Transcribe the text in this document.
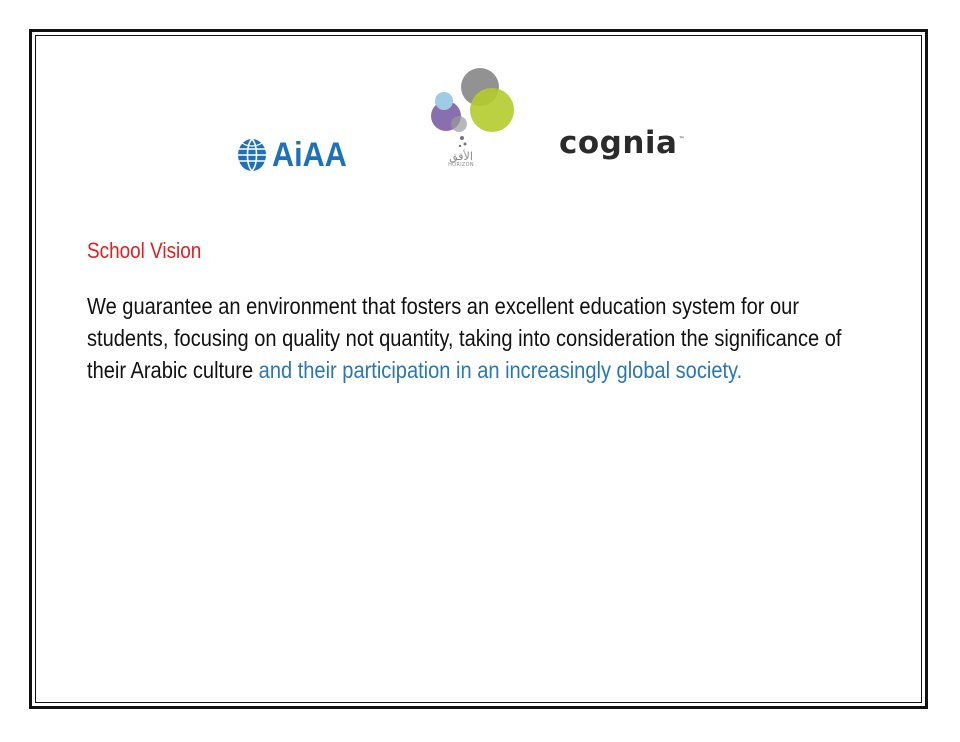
AiAA	الأفق
HORIZON
cognia ™
School Vision
We guarantee an environment that fosters an excellent education system for our students, focusing on quality not quantity, taking into consideration the significance of their Arabic culture and their participation in an increasingly global society.
